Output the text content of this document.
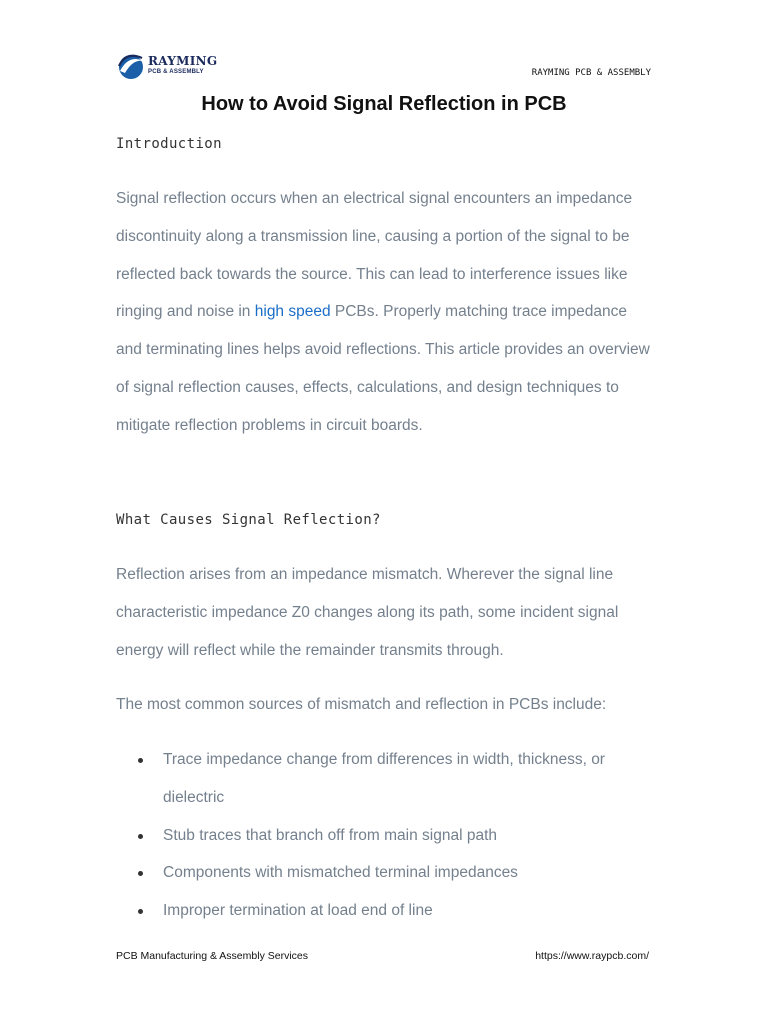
RAYMING
PCB & ASSEMBLY	RAYMING PCB & ASSEMBLY
How to Avoid Signal Reflection in PCB
Introduction

Signal reflection occurs when an electrical signal encounters an impedance discontinuity along a transmission line, causing a portion of the signal to be reflected back towards the source. This can lead to interference issues like ringing and noise in high speed PCBs. Properly matching trace impedance and terminating lines helps avoid reflections. This article provides an overview of signal reflection causes, effects, calculations, and design techniques to mitigate reflection problems in circuit boards.

What Causes Signal Reflection?

Reflection arises from an impedance mismatch. Wherever the signal line characteristic impedance Z0 changes along its path, some incident signal energy will reflect while the remainder transmits through.

The most common sources of mismatch and reflection in PCBs include:

Trace impedance change from differences in width, thickness, or dielectric
Stub traces that branch off from main signal path
Components with mismatched terminal impedances
Improper termination at load end of line
PCB Manufacturing & Assembly Services	https://www.raypcb.com/
